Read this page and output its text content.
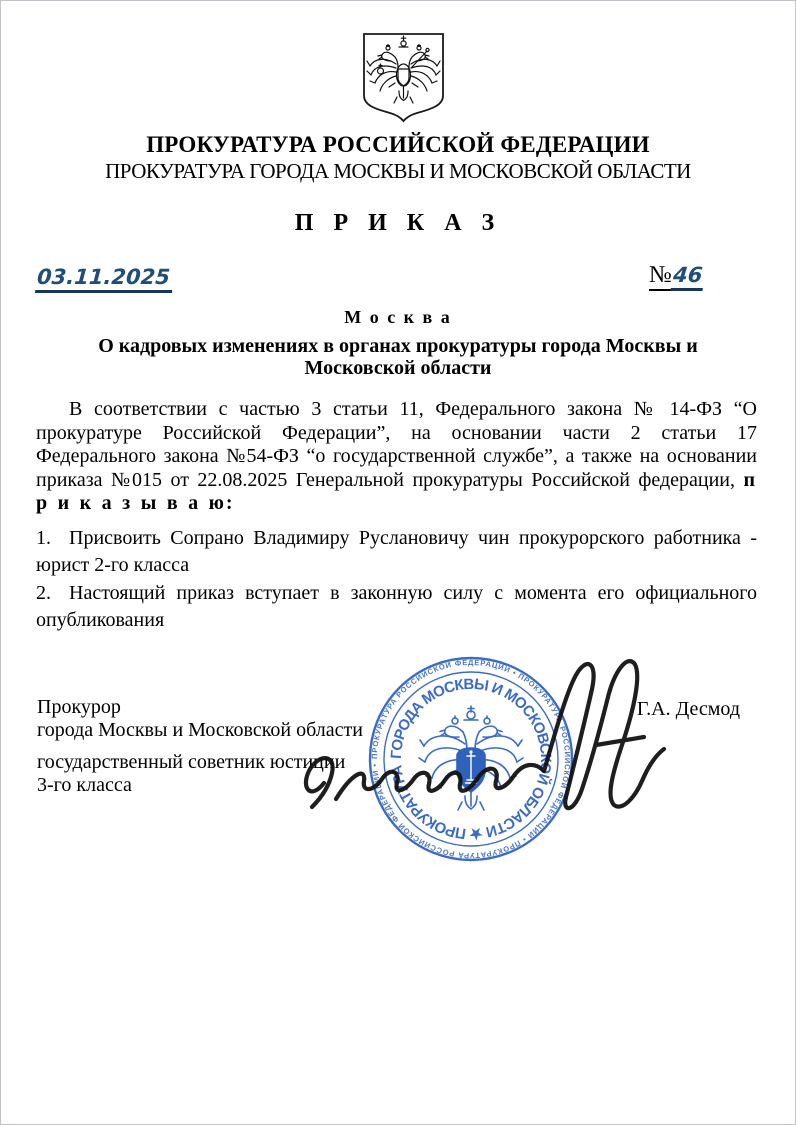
ПРОКУРАТУРА РОССИЙСКОЙ ФЕДЕРАЦИИ
ПРОКУРАТУРА ГОРОДА МОСКВЫ И МОСКОВСКОЙ ОБЛАСТИ
П Р И К А З
03.11.2025	№46
М о с к в а
О кадровых изменениях в органах прокуратуры города Москвы и Московской области
В соответствии с частью 3 статьи 11, Федерального закона № 14-ФЗ “О прокуратуре Российской Федерации”, на основании части 2 статьи 17 Федерального закона №54-ФЗ “о государственной службе”, а также на основании приказа №015 от 22.08.2025 Генеральной прокуратуры Российской федерации, п р и к а з ы в а ю:

1. Присвоить Сопрано Владимиру Руслановичу чин прокурорского работника - юрист 2-го класса

2. Настоящий приказ вступает в законную силу с момента его официального опубликования

Прокурор
города Москвы и Московской области
государственный советник юстиции
3-го класса
Г.А. Десмод
ПРОКУРАТУРА РОССИЙСКОЙ ФЕДЕРАЦИИ • ПРОКУРАТУРА РОССИЙСКОЙ ФЕДЕРАЦИИ • ПРОКУРАТУРА РОССИЙСКОЙ ФЕДЕРАЦИИ •
ГОРОДА МОСКВЫ И МОСКОВСКОЙ ОБЛАСТИ ★ ПРОКУРАТУРА
